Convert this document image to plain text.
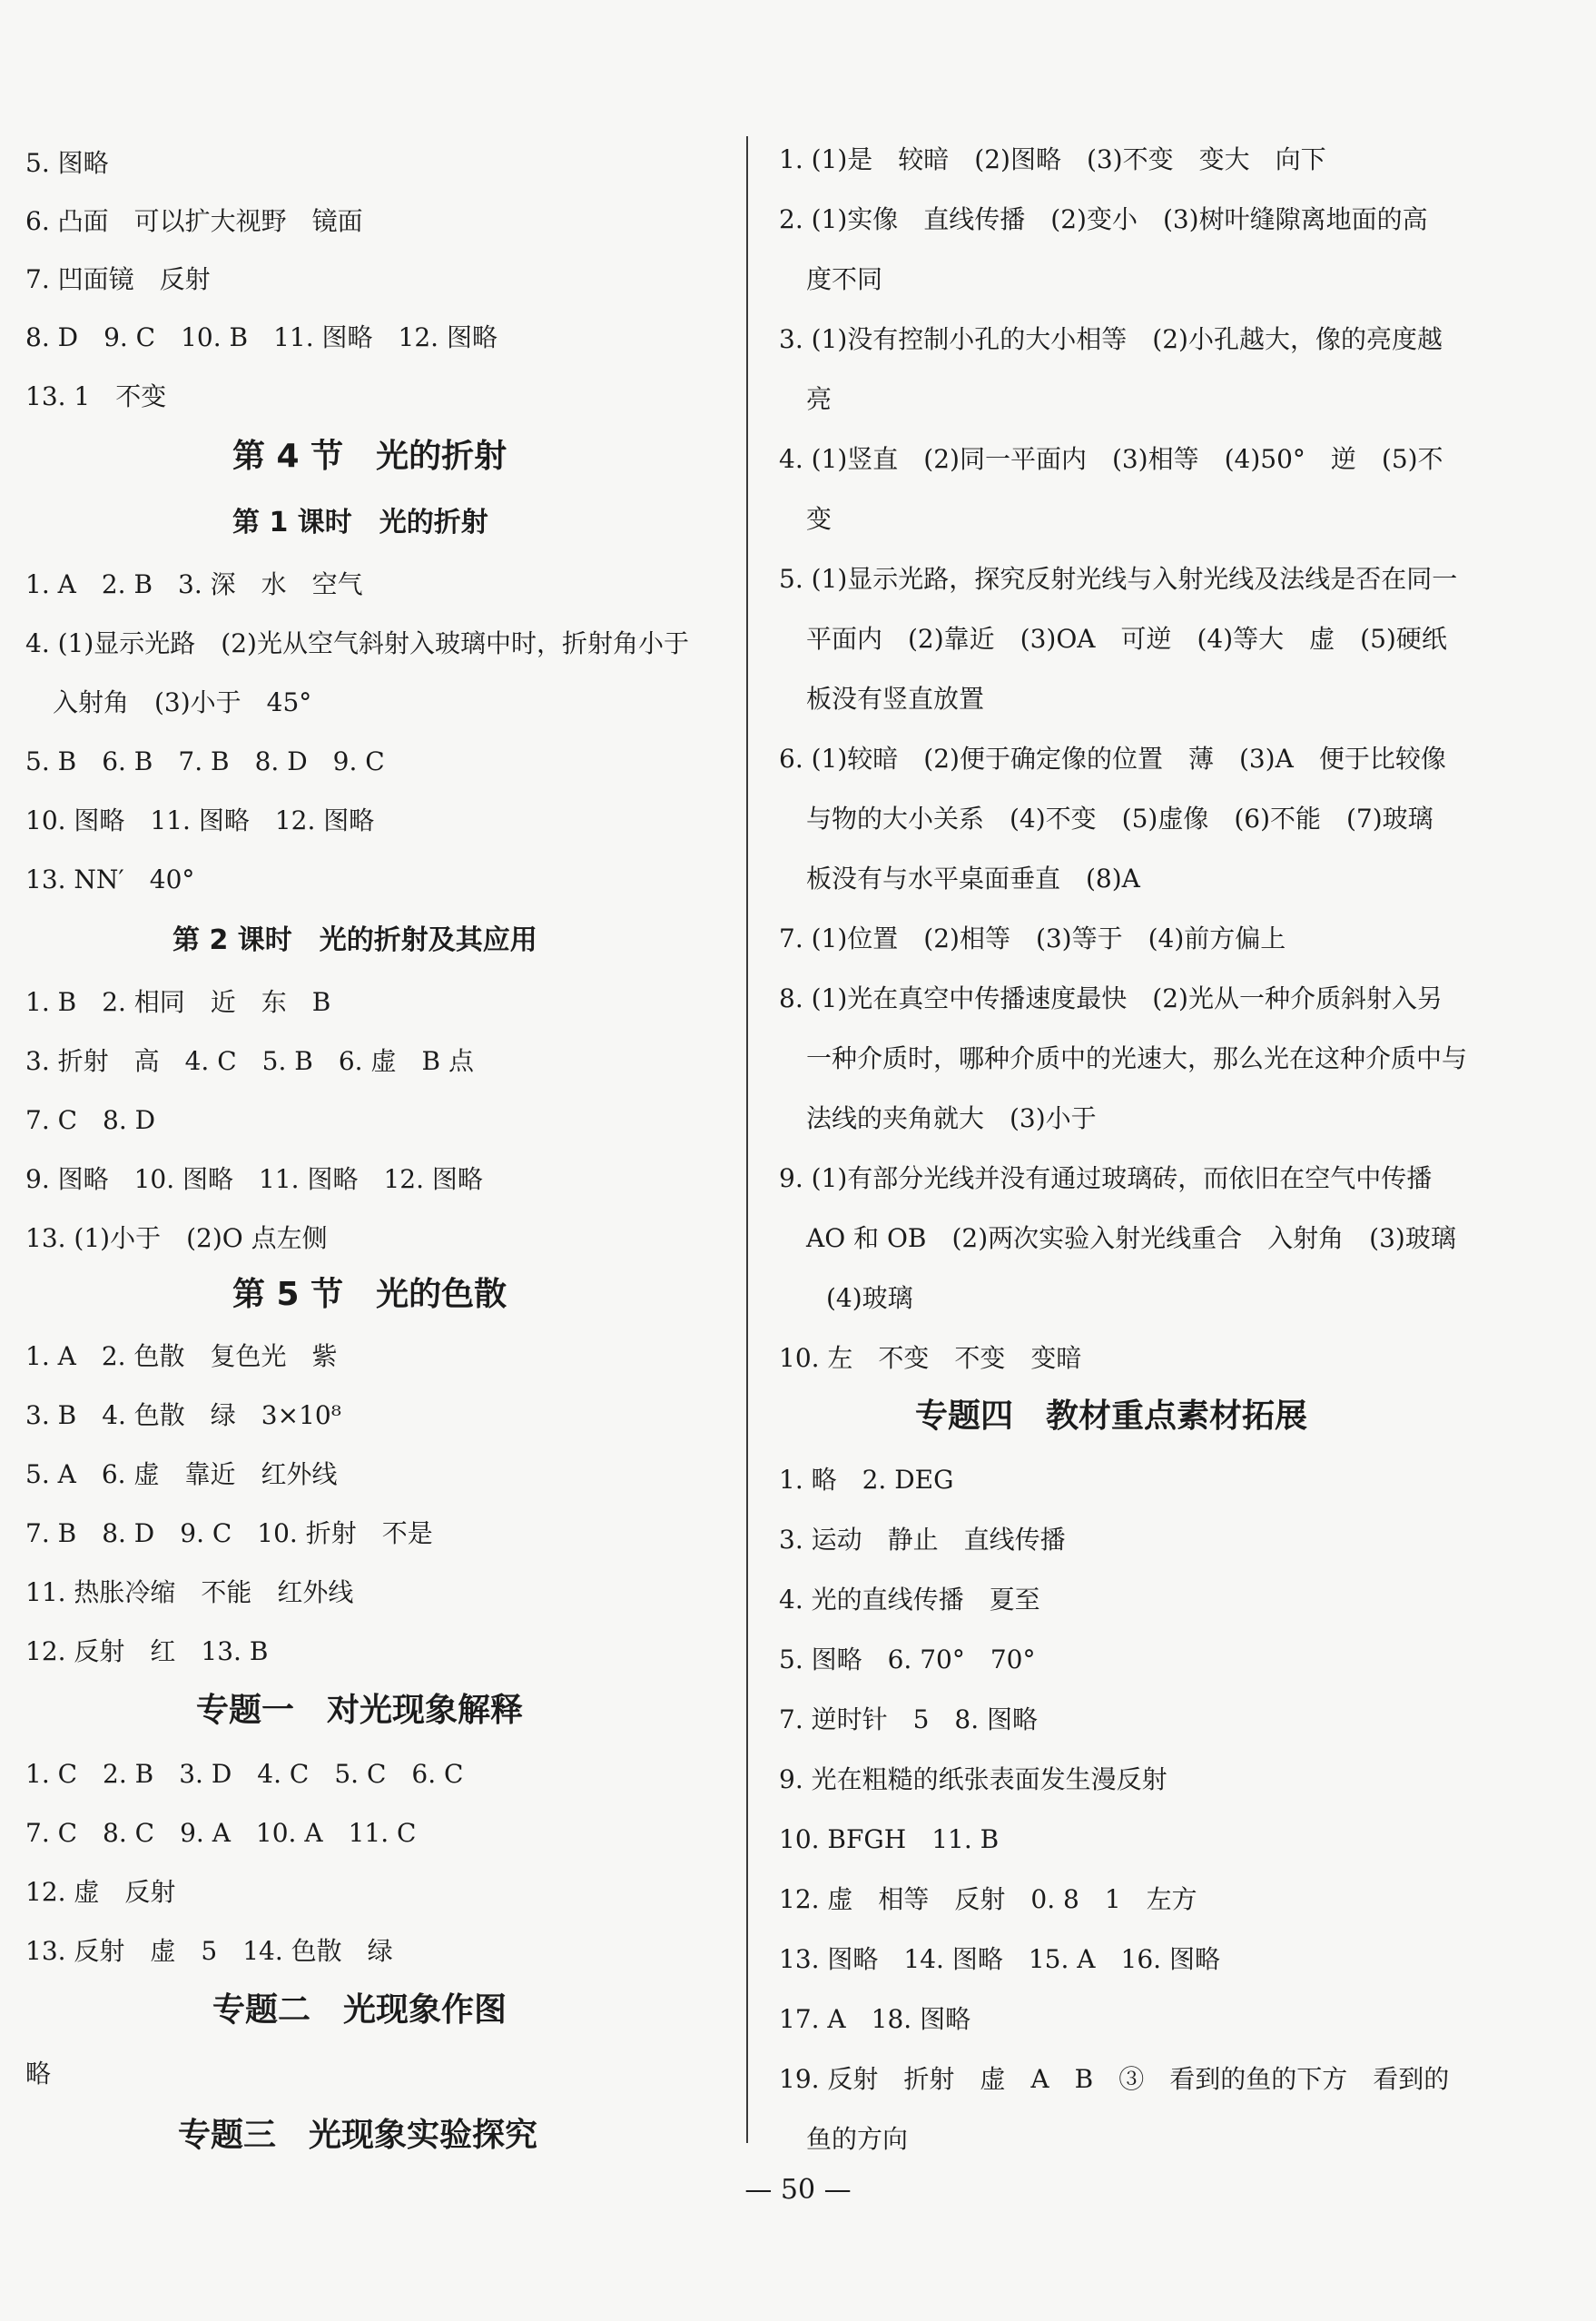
5. 图略
6. 凸面　可以扩大视野　镜面
7. 凹面镜　反射
8. D　9. C　10. B　11. 图略　12. 图略
13. 1　不变
第 4 节　光的折射
第 1 课时　光的折射
1. A　2. B　3. 深　水　空气
4. (1)显示光路　(2)光从空气斜射入玻璃中时，折射角小于
入射角　(3)小于　45°
5. B　6. B　7. B　8. D　9. C
10. 图略　11. 图略　12. 图略
13. NN′　40°
第 2 课时　光的折射及其应用
1. B　2. 相同　近　东　B
3. 折射　高　4. C　5. B　6. 虚　B 点
7. C　8. D
9. 图略　10. 图略　11. 图略　12. 图略
13. (1)小于　(2)O 点左侧
第 5 节　光的色散
1. A　2. 色散　复色光　紫
3. B　4. 色散　绿　3×10⁸
5. A　6. 虚　靠近　红外线
7. B　8. D　9. C　10. 折射　不是
11. 热胀冷缩　不能　红外线
12. 反射　红　13. B
专题一　对光现象解释
1. C　2. B　3. D　4. C　5. C　6. C
7. C　8. C　9. A　10. A　11. C
12. 虚　反射
13. 反射　虚　5　14. 色散　绿
专题二　光现象作图
略
专题三　光现象实验探究
1. (1)是　较暗　(2)图略　(3)不变　变大　向下
2. (1)实像　直线传播　(2)变小　(3)树叶缝隙离地面的高
度不同
3. (1)没有控制小孔的大小相等　(2)小孔越大，像的亮度越
亮
4. (1)竖直　(2)同一平面内　(3)相等　(4)50°　逆　(5)不
变
5. (1)显示光路，探究反射光线与入射光线及法线是否在同一
平面内　(2)靠近　(3)OA　可逆　(4)等大　虚　(5)硬纸
板没有竖直放置
6. (1)较暗　(2)便于确定像的位置　薄　(3)A　便于比较像
与物的大小关系　(4)不变　(5)虚像　(6)不能　(7)玻璃
板没有与水平桌面垂直　(8)A
7. (1)位置　(2)相等　(3)等于　(4)前方偏上
8. (1)光在真空中传播速度最快　(2)光从一种介质斜射入另
一种介质时，哪种介质中的光速大，那么光在这种介质中与
法线的夹角就大　(3)小于
9. (1)有部分光线并没有通过玻璃砖，而依旧在空气中传播
AO 和 OB　(2)两次实验入射光线重合　入射角　(3)玻璃
(4)玻璃
10. 左　不变　不变　变暗
专题四　教材重点素材拓展
1. 略　2. DEG
3. 运动　静止　直线传播
4. 光的直线传播　夏至
5. 图略　6. 70°　70°
7. 逆时针　5　8. 图略
9. 光在粗糙的纸张表面发生漫反射
10. BFGH　11. B
12. 虚　相等　反射　0. 8　1　左方
13. 图略　14. 图略　15. A　16. 图略
17. A　18. 图略
19. 反射　折射　虚　A　B　③　看到的鱼的下方　看到的
鱼的方向
— 50 —
